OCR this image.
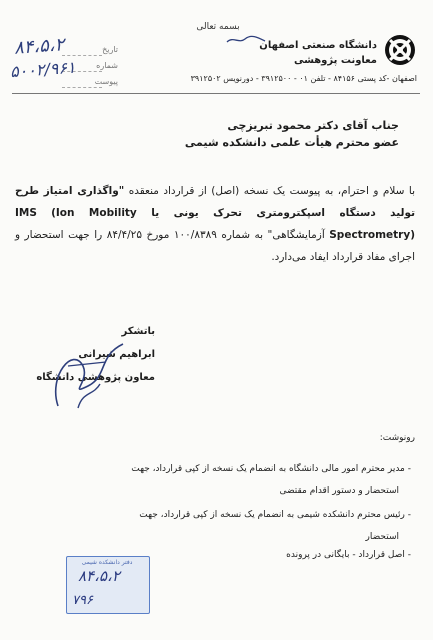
بسمه تعالی
دانشگاه صنعتی اصفهان
معاونت پژوهشی
اصفهان -کد پستی ۸۴۱۵۶ - تلفن ۰۱ - ۳۹۱۲۵۰۰ - دورنویس ۳۹۱۲۵۰۲
تاریخ
شماره
پیوست
۸۴،۵،۲
۵۰۰۲/۹۶۱
جناب آقای دکتر محمود تبریزچی
عضو محترم هیأت علمی دانشکده شیمی
با سلام و احترام، به پیوست یک نسخه (اصل) از قرارداد منعقده "واگذاری امتیاز طرح تولید دستگاه اسپکترومتری تحرک یونی یا IMS (Ion Mobility Spectrometry) آزمایشگاهی" به شماره ۱۰۰/۸۳۸۹ مورخ ۸۴/۴/۲۵ را جهت استحضار و اجرای مفاد قرارداد ایفاد می‌دارد.
باتشکر
ابراهیم شیرانی
معاون پژوهشی دانشگاه
رونوشت:
- مدیر محترم امور مالی دانشگاه به انضمام یک نسخه از کپی قرارداد، جهت
استحضار و دستور اقدام مقتضی
- رئیس محترم دانشکده شیمی به انضمام یک نسخه از کپی قرارداد، جهت
استحضار
- اصل قرارداد - بایگانی در پرونده
دفتر دانشکده شیمی
۸۴،۵،۲
۷۹۶
